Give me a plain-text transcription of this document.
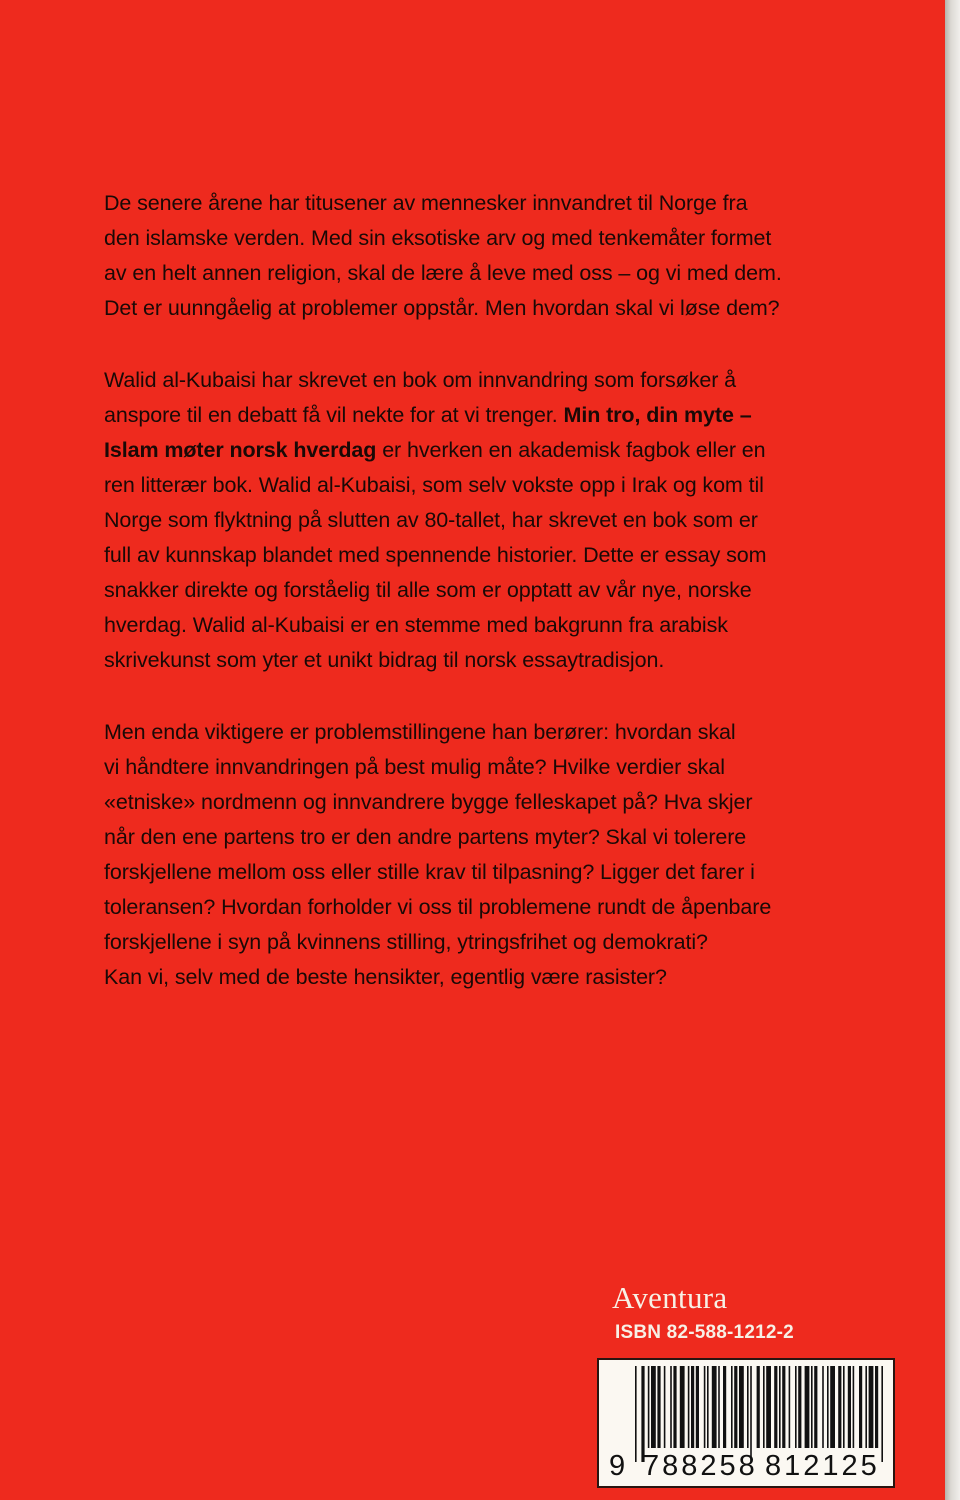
De senere årene har titusener av mennesker innvandret til Norge fra
den islamske verden. Med sin eksotiske arv og med tenkemåter formet
av en helt annen religion, skal de lære å leve med oss – og vi med dem.
Det er uunngåelig at problemer oppstår. Men hvordan skal vi løse dem?

Walid al-Kubaisi har skrevet en bok om innvandring som forsøker å
anspore til en debatt få vil nekte for at vi trenger. Min tro, din myte –
Islam møter norsk hverdag er hverken en akademisk fagbok eller en
ren litterær bok. Walid al-Kubaisi, som selv vokste opp i Irak og kom til
Norge som flyktning på slutten av 80-tallet, har skrevet en bok som er
full av kunnskap blandet med spennende historier. Dette er essay som
snakker direkte og forståelig til alle som er opptatt av vår nye, norske
hverdag. Walid al-Kubaisi er en stemme med bakgrunn fra arabisk
skrivekunst som yter et unikt bidrag til norsk essaytradisjon.

Men enda viktigere er problemstillingene han berører: hvordan skal
vi håndtere innvandringen på best mulig måte? Hvilke verdier skal
«etniske» nordmenn og innvandrere bygge felleskapet på? Hva skjer
når den ene partens tro er den andre partens myter? Skal vi tolerere
forskjellene mellom oss eller stille krav til tilpasning? Ligger det farer i
toleransen? Hvordan forholder vi oss til problemene rundt de åpenbare
forskjellene i syn på kvinnens stilling, ytringsfrihet og demokrati?
Kan vi, selv med de beste hensikter, egentlig være rasister?

Aventura
ISBN 82-588-1212-2
9 788258 812125
